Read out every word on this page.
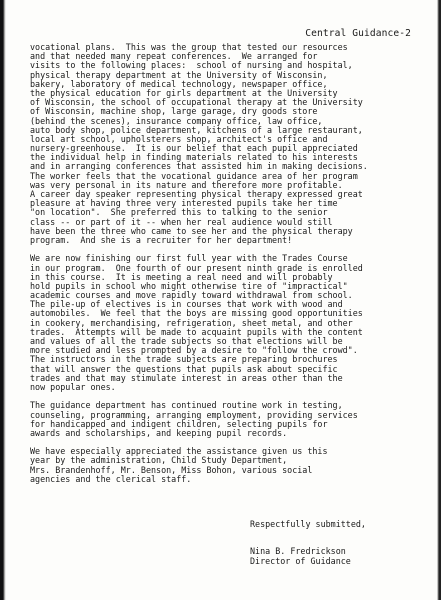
Central Guidance-2
vocational plans.  This was the group that tested our resources
and that needed many repeat conferences.  We arranged for
visits to the following places:  school of nursing and hospital,
physical therapy department at the University of Wisconsin,
bakery, laboratory of medical technology, newspaper office,
the physical education for girls department at the University
of Wisconsin, the school of occupational therapy at the University
of Wisconsin, machine shop, large garage, dry goods store
(behind the scenes), insurance company office, law office,
auto body shop, police department, kitchens of a large restaurant,
local art school, upholsterers shop, architect's office and
nursery-greenhouse.  It is our belief that each pupil appreciated
the individual help in finding materials related to his interests
and in arranging conferences that assisted him in making decisions.
The worker feels that the vocational guidance area of her program
was very personal in its nature and therefore more profitable.
A career day speaker representing physical therapy expressed great
pleasure at having three very interested pupils take her time
"on location".  She preferred this to talking to the senior
class -- or part of it -- when her real audience would still
have been the three who came to see her and the physical therapy
program.  And she is a recruiter for her department!
We are now finishing our first full year with the Trades Course
in our program.  One fourth of our present ninth grade is enrolled
in this course.  It is meeting a real need and will probably
hold pupils in school who might otherwise tire of "impractical"
academic courses and move rapidly toward withdrawal from school.
The pile-up of electives is in courses that work with wood and
automobiles.  We feel that the boys are missing good opportunities
in cookery, merchandising, refrigeration, sheet metal, and other
trades.  Attempts will be made to acquaint pupils with the content
and values of all the trade subjects so that elections will be
more studied and less prompted by a desire to "follow the crowd".
The instructors in the trade subjects are preparing brochures
that will answer the questions that pupils ask about specific
trades and that may stimulate interest in areas other than the
now popular ones.
The guidance department has continued routine work in testing,
counseling, programming, arranging employment, providing services
for handicapped and indigent children, selecting pupils for
awards and scholarships, and keeping pupil records.
We have especially appreciated the assistance given us this
year by the administration, Child Study Department,
Mrs. Brandenhoff, Mr. Benson, Miss Bohon, various social
agencies and the clerical staff.
Respectfully submitted,
Nina B. Fredrickson
Director of Guidance
